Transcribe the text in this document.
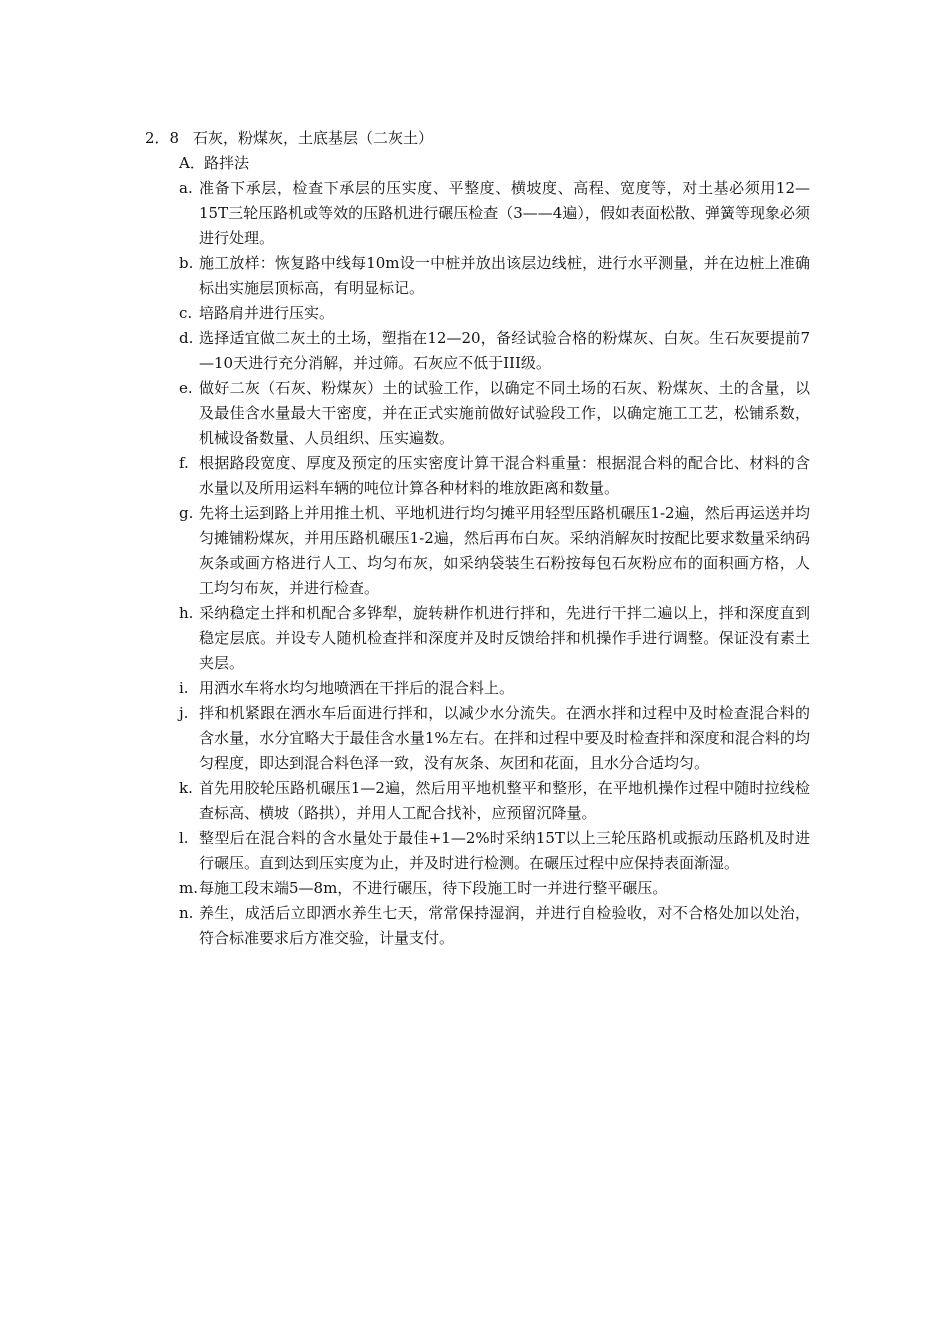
2．8 石灰，粉煤灰，土底基层（二灰土）
A．路拌法
a. 准备下承层，检查下承层的压实度、平整度、横坡度、高程、宽度等，对土基必须用12—15T三轮压路机或等效的压路机进行碾压检查（3——4遍），假如表面松散、弹簧等现象必须进行处理。
b. 施工放样：恢复路中线每10m设一中桩并放出该层边线桩，进行水平测量，并在边桩上准确标出实施层顶标高，有明显标记。
c. 培路肩并进行压实。
d. 选择适宜做二灰土的土场，塑指在12—20，备经试验合格的粉煤灰、白灰。生石灰要提前7—10天进行充分消解，并过筛。石灰应不低于III级。
e. 做好二灰（石灰、粉煤灰）土的试验工作，以确定不同土场的石灰、粉煤灰、土的含量，以及最佳含水量最大干密度，并在正式实施前做好试验段工作，以确定施工工艺，松铺系数，机械设备数量、人员组织、压实遍数。
f. 根据路段宽度、厚度及预定的压实密度计算干混合料重量：根据混合料的配合比、材料的含水量以及所用运料车辆的吨位计算各种材料的堆放距离和数量。
g. 先将土运到路上并用推土机、平地机进行均匀摊平用轻型压路机碾压1-2遍，然后再运送并均匀摊铺粉煤灰，并用压路机碾压1-2遍，然后再布白灰。采纳消解灰时按配比要求数量采纳码灰条或画方格进行人工、均匀布灰，如采纳袋装生石粉按每包石灰粉应布的面积画方格，人工均匀布灰，并进行检查。
h. 采纳稳定土拌和机配合多铧犁，旋转耕作机进行拌和，先进行干拌二遍以上，拌和深度直到稳定层底。并设专人随机检查拌和深度并及时反馈给拌和机操作手进行调整。保证没有素土夹层。
i. 用洒水车将水均匀地喷洒在干拌后的混合料上。
j. 拌和机紧跟在洒水车后面进行拌和，以减少水分流失。在洒水拌和过程中及时检查混合料的含水量，水分宜略大于最佳含水量1%左右。在拌和过程中要及时检查拌和深度和混合料的均匀程度，即达到混合料色泽一致，没有灰条、灰团和花面，且水分合适均匀。
k. 首先用胶轮压路机碾压1—2遍，然后用平地机整平和整形，在平地机操作过程中随时拉线检查标高、横坡（路拱），并用人工配合找补，应预留沉降量。
l. 整型后在混合料的含水量处于最佳+1—2%时采纳15T以上三轮压路机或振动压路机及时进行碾压。直到达到压实度为止，并及时进行检测。在碾压过程中应保持表面渐湿。
m. 每施工段末端5—8m，不进行碾压，待下段施工时一并进行整平碾压。
n. 养生，成活后立即洒水养生七天，常常保持湿润，并进行自检验收，对不合格处加以处治，符合标准要求后方准交验，计量支付。
